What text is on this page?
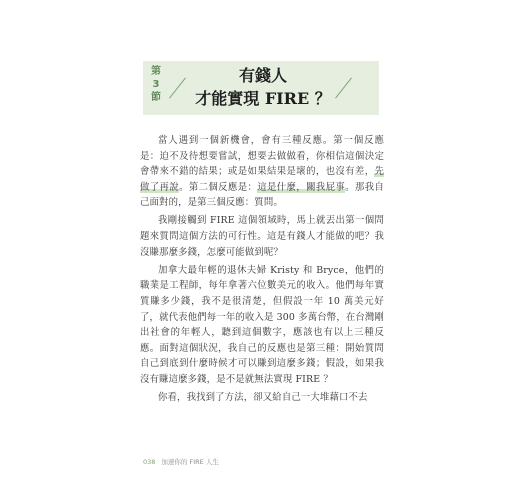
第
3
節
有錢人
才能實現 FIRE ？

當人遇到一個新機會，會有三種反應。第一個反應是：迫不及待想要嘗試，想要去做做看，你相信這個決定會帶來不錯的結果；或是如果結果是壞的，也沒有差，先做了再說。第二個反應是：這是什麼，關我屁事。那我自己面對的，是第三個反應：質問。

我剛接觸到 FIRE 這個領域時，馬上就丟出第一個問題來質問這個方法的可行性。這是有錢人才能做的吧？我沒賺那麼多錢，怎麼可能做到呢？

加拿大最年輕的退休夫婦 Kristy 和 Bryce，他們的職業是工程師，每年拿著六位數美元的收入。他們每年實質賺多少錢，我不是很清楚，但假設一年 10 萬美元好了，就代表他們每一年的收入是 300 多萬台幣，在台灣剛出社會的年輕人，聽到這個數字，應該也有以上三種反應。面對這個狀況，我自己的反應也是第三種：開始質問自己到底到什麼時候才可以賺到這麼多錢；假設，如果我沒有賺這麼多錢，是不是就無法實現 FIRE ？

你看，我找到了方法，卻又給自己一大堆藉口不去

038 加速你的 FIRE 人生
